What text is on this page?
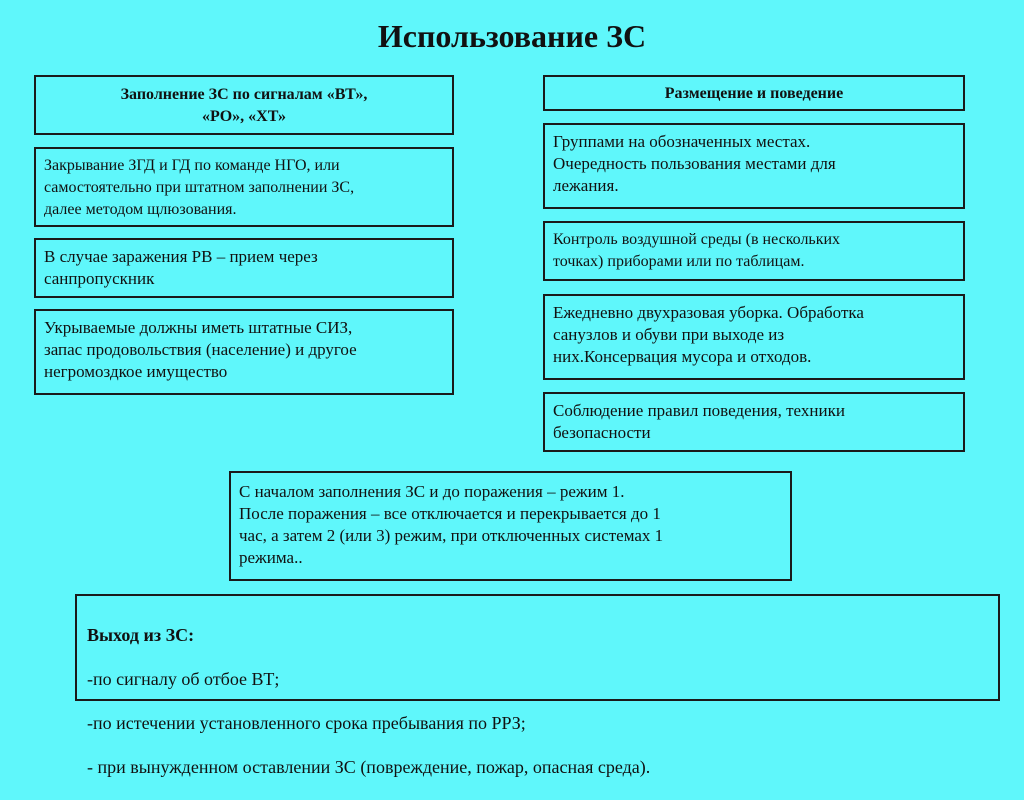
Использование ЗС
Заполнение ЗС по сигналам «ВТ»,
«РО», «ХТ»
Закрывание ЗГД и ГД по команде НГО, или
самостоятельно при штатном заполнении ЗС,
далее методом щлюзования.
В случае заражения РВ – прием через
санпропускник
Укрываемые должны иметь штатные СИЗ,
запас продовольствия (население) и другое
негромоздкое имущество
Размещение и поведение
Группами на обозначенных местах.
Очередность пользования местами для
лежания.
Контроль воздушной среды (в нескольких
точках) приборами или по таблицам.
Ежедневно двухразовая уборка. Обработка
санузлов и обуви при выходе из
них.Консервация мусора и отходов.
Соблюдение правил поведения, техники
безопасности
С началом заполнения ЗС и до поражения – режим 1.
После поражения – все отключается и перекрывается до 1
час, а затем 2 (или 3) режим, при отключенных системах 1
режима..

Выход из ЗС:

-по сигналу об отбое ВТ;

-по истечении установленного срока пребывания по РРЗ;

- при вынужденном оставлении ЗС (повреждение, пожар, опасная среда).
